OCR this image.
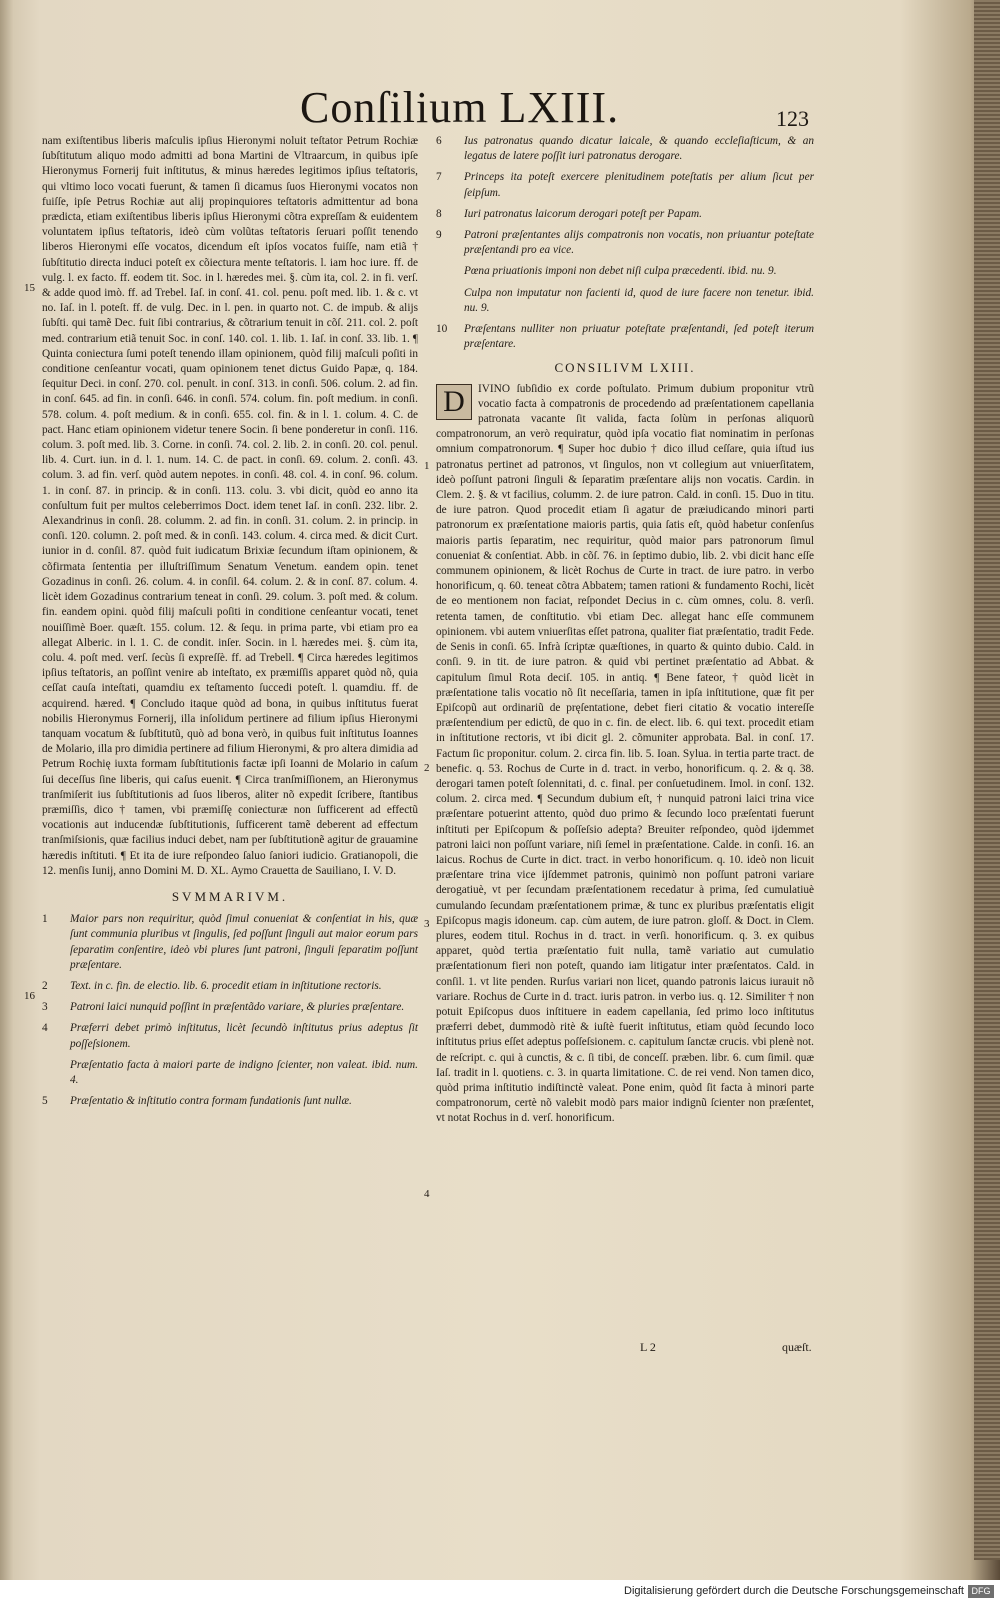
Conſilium LXIII.	123
15
16

nam exiſtentibus liberis maſculis ipſius Hieronymi noluit teſtator Petrum Rochiæ ſubſtitutum aliquo modo admitti ad bona Martini de Vltraarcum, in quibus ipſe Hieronymus Fornerij fuit inſtitutus, & minus hæredes legitimos ipſius teſtatoris, qui vltimo loco vocati fuerunt, & tamen ſi dicamus ſuos Hieronymi vocatos non fuiſſe, ipſe Petrus Rochiæ aut alij propinquiores teſtatoris admittentur ad bona prædicta, etiam exiſtentibus liberis ipſius Hieronymi cõtra expreſſam & euidentem voluntatem ipſius teſtatoris, ideò cùm volũtas teſtatoris ſeruari poſſit tenendo liberos Hieronymi eſſe vocatos, dicendum eſt ipſos vocatos fuiſſe, nam etiã † ſubſtitutio directa induci poteſt ex cõiectura mente teſtatoris. l. iam hoc iure. ff. de vulg. l. ex facto. ff. eodem tit. Soc. in l. hæredes mei. §. cùm ita, col. 2. in fi. verſ. & adde quod imò. ff. ad Trebel. Iaſ. in conſ. 41. col. penu. poſt med. lib. 1. & c. vt no. Iaſ. in l. poteſt. ff. de vulg. Dec. in l. pen. in quarto not. C. de impub. & alijs ſubſti. qui tamẽ Dec. fuit ſibi contrarius, & cõtrarium tenuit in cõſ. 211. col. 2. poſt med. contrarium etiã tenuit Soc. in conſ. 140. col. 1. lib. 1. Iaſ. in conſ. 33. lib. 1. ¶ Quinta coniectura ſumi poteſt tenendo illam opinionem, quòd filij maſculi poſiti in conditione cenſeantur vocati, quam opinionem tenet dictus Guido Papæ, q. 184. ſequitur Deci. in conſ. 270. col. penult. in conſ. 313. in conſi. 506. colum. 2. ad fin. in conſ. 645. ad fin. in conſi. 646. in conſi. 574. colum. fin. poſt medium. in conſi. 578. colum. 4. poſt medium. & in conſi. 655. col. fin. & in l. 1. colum. 4. C. de pact. Hanc etiam opinionem videtur tenere Socin. ſi bene ponderetur in conſi. 116. colum. 3. poſt med. lib. 3. Corne. in conſi. 74. col. 2. lib. 2. in conſi. 20. col. penul. lib. 4. Curt. iun. in d. l. 1. num. 14. C. de pact. in conſi. 69. colum. 2. conſi. 43. colum. 3. ad fin. verſ. quòd autem nepotes. in conſi. 48. col. 4. in conſ. 96. colum. 1. in conſ. 87. in princip. & in conſi. 113. colu. 3. vbi dicit, quòd eo anno ita conſultum fuit per multos celeberrimos Doct. idem tenet Iaſ. in conſi. 232. libr. 2. Alexandrinus in conſi. 28. columm. 2. ad fin. in conſi. 31. colum. 2. in princip. in conſi. 120. column. 2. poſt med. & in conſi. 143. colum. 4. circa med. & dicit Curt. iunior in d. conſil. 87. quòd fuit iudicatum Brixiæ ſecundum iſtam opinionem, & cõfirmata ſententia per illuſtriſſimum Senatum Venetum. eandem opin. tenet Gozadinus in conſi. 26. colum. 4. in conſil. 64. colum. 2. & in conſ. 87. colum. 4. licèt idem Gozadinus contrarium teneat in conſi. 29. colum. 3. poſt med. & colum. fin. eandem opini. quòd filij maſculi poſiti in conditione cenſeantur vocati, tenet nouiſſimè Boer. quæſt. 155. colum. 12. & ſequ. in prima parte, vbi etiam pro ea allegat Alberic. in l. 1. C. de condit. inſer. Socin. in l. hæredes mei. §. cùm ita, colu. 4. poſt med. verſ. ſecùs ſi expreſſè. ff. ad Trebell. ¶ Circa hæredes legitimos ipſius teſtatoris, an poſſint venire ab inteſtato, ex præmiſſis apparet quòd nõ, quia ceſſat cauſa inteſtati, quamdiu ex teſtamento ſuccedi poteſt. l. quamdiu. ff. de acquirend. hæred. ¶ Concludo itaque quòd ad bona, in quibus inſtitutus fuerat nobilis Hieronymus Fornerij, illa inſolidum pertinere ad filium ipſius Hieronymi tanquam vocatum & ſubſtitutũ, quò ad bona verò, in quibus fuit inſtitutus Ioannes de Molario, illa pro dimidia pertinere ad filium Hieronymi, & pro altera dimidia ad Petrum Rochię iuxta formam ſubſtitutionis factæ ipſi Ioanni de Molario in caſum ſui deceſſus ſine liberis, qui caſus euenit. ¶ Circa tranſmiſſionem, an Hieronymus tranſmiſerit ius ſubſtitutionis ad ſuos liberos, aliter nõ expedit ſcribere, ſtantibus præmiſſis, dico † tamen, vbi præmiſſę coniecturæ non ſufficerent ad effectũ vocationis aut inducendæ ſubſtitutionis, ſufficerent tamẽ deberent ad effectum tranſmiſsionis, quæ facilius induci debet, nam per ſubſtitutionẽ agitur de grauamine hæredis inſtituti. ¶ Et ita de iure reſpondeo ſaluo ſaniori iudicio. Gratianopoli, die 12. menſis Iunij, anno Domini M. D. XL. Aymo Crauetta de Sauiliano, I. V. D.

SVMMARIVM.
1	Maior pars non requiritur, quòd ſimul conueniat & conſentiat in his, quæ ſunt communia pluribus vt ſingulis, ſed poſſunt ſinguli aut maior eorum pars ſeparatim conſentire, ideò vbi plures ſunt patroni, ſinguli ſeparatim poſſunt præſentare.
2	Text. in c. fin. de electio. lib. 6. procedit etiam in inſtitutione rectoris.
3	Patroni laici nunquid poſſint in præſentãdo variare, & pluries præſentare.
4	Præferri debet primò inſtitutus, licèt ſecundò inſtitutus prius adeptus ſit poſſeſsionem.
Præſentatio facta à maiori parte de indigno ſcienter, non valeat. ibid. num. 4.
5	Præſentatio & inſtitutio contra formam fundationis ſunt nullæ.
6	Ius patronatus quando dicatur laicale, & quando eccleſiaſticum, & an legatus de latere poſſit iuri patronatus derogare.
7	Princeps ita poteſt exercere plenitudinem poteſtatis per alium ſicut per ſeipſum.
8	Iuri patronatus laicorum derogari poteſt per Papam.
9	Patroni præſentantes alijs compatronis non vocatis, non priuantur poteſtate præſentandi pro ea vice.
Pœna priuationis imponi non debet niſi culpa præcedenti. ibid. nu. 9.
Culpa non imputatur non facienti id, quod de iure facere non tenetur. ibid. nu. 9.
10	Præſentans nulliter non priuatur poteſtate præſentandi, ſed poteſt iterum præſentare.
CONSILIVM LXIII.

D	IVINO ſubſidio ex corde poſtulato. Primum dubium proponitur vtrũ vocatio facta à compatronis de procedendo ad præſentationem capellania patronata vacante ſit valida, facta ſolùm in perſonas aliquorũ compatronorum, an verò requiratur, quòd ipſa vocatio fiat nominatim in perſonas omnium compatronorum. ¶ Super hoc dubio † dico illud ceſſare, quia iſtud ius patronatus pertinet ad patronos, vt ſingulos, non vt collegium aut vniuerſitatem, ideò poſſunt patroni ſinguli & ſeparatim præſentare alijs non vocatis. Cardin. in Clem. 2. §. & vt facilius, columm. 2. de iure patron. Cald. in conſi. 15. Duo in titu. de iure patron. Quod procedit etiam ſi agatur de præiudicando minori parti patronorum ex præſentatione maioris partis, quia ſatis eſt, quòd habetur conſenſus maioris partis ſeparatim, nec requiritur, quòd maior pars patronorum ſimul conueniat & conſentiat. Abb. in cõſ. 76. in ſeptimo dubio, lib. 2. vbi dicit hanc eſſe communem opinionem, & licèt Rochus de Curte in tract. de iure patro. in verbo honorificum, q. 60. teneat cõtra Abbatem; tamen rationi & fundamento Rochi, licèt de eo mentionem non faciat, reſpondet Decius in c. cùm omnes, colu. 8. verſi. retenta tamen, de conſtitutio. vbi etiam Dec. allegat hanc eſſe communem opinionem. vbi autem vniuerſitas eſſet patrona, qualiter fiat præſentatio, tradit Fede. de Senis in conſi. 65. Infrà ſcriptæ quæſtiones, in quarto & quinto dubio. Cald. in conſi. 9. in tit. de iure patron. & quid vbi pertinet præſentatio ad Abbat. & capitulum ſimul Rota deciſ. 105. in antiq. ¶ Bene fateor, † quòd licèt in præſentatione talis vocatio nõ ſit neceſſaria, tamen in ipſa inſtitutione, quæ fit per Epiſcopũ aut ordinariũ de pręſentatione, debet fieri citatio & vocatio intereſſe præſentendium per edictũ, de quo in c. fin. de elect. lib. 6. qui text. procedit etiam in inſtitutione rectoris, vt ibi dicit gl. 2. cõmuniter approbata. Bal. in conſ. 17. Factum ſic proponitur. colum. 2. circa fin. lib. 5. Ioan. Sylua. in tertia parte tract. de benefic. q. 53. Rochus de Curte in d. tract. in verbo, honorificum. q. 2. & q. 38. derogari tamen poteſt ſolennitati, d. c. final. per conſuetudinem. Imol. in conſ. 132. colum. 2. circa med. ¶ Secundum dubium eſt, † nunquid patroni laici trina vice præſentare potuerint attento, quòd duo primo & ſecundo loco præſentati fuerunt inſtituti per Epiſcopum & poſſeſsio adepta? Breuiter reſpondeo, quòd ijdemmet patroni laici non poſſunt variare, niſi ſemel in præſentatione. Calde. in conſi. 16. an laicus. Rochus de Curte in dict. tract. in verbo honorificum. q. 10. ideò non licuit præſentare trina vice ijſdemmet patronis, quinimò non poſſunt patroni variare derogatiuè, vt per ſecundam præſentationem recedatur à prima, ſed cumulatiuè cumulando ſecundam præſentationem primæ, & tunc ex pluribus præſentatis eligit Epiſcopus magis idoneum. cap. cùm autem, de iure patron. gloſſ. & Doct. in Clem. plures, eodem titul. Rochus in d. tract. in verſi. honorificum. q. 3. ex quibus apparet, quòd tertia præſentatio fuit nulla, tamẽ variatio aut cumulatio præſentationum fieri non poteſt, quando iam litigatur inter præſentatos. Cald. in conſil. 1. vt lite penden. Rurſus variari non licet, quando patronis laicus iurauit nõ variare. Rochus de Curte in d. tract. iuris patron. in verbo ius. q. 12. Similiter † non potuit Epiſcopus duos inſtituere in eadem capellania, ſed primo loco inſtitutus præferri debet, dummodò ritè & iuſtè fuerit inſtitutus, etiam quòd ſecundo loco inſtitutus prius eſſet adeptus poſſeſsionem. c. capitulum ſanctæ crucis. vbi plenè not. de reſcript. c. qui à cunctis, & c. ſi tibi, de conceſſ. præben. libr. 6. cum ſimil. quæ Iaſ. tradit in l. quotiens. c. 3. in quarta limitatione. C. de rei vend. Non tamen dico, quòd prima inſtitutio indiſtinctè valeat. Pone enim, quòd ſit facta à minori parte compatronorum, certè nõ valebit modò pars maior indignũ ſcienter non præſentet, vt notat Rochus in d. verſ. honorificum.

1
2
3
4
L 2	quæſt.
Digitalisierung gefördert durch die Deutsche Forschungsgemeinschaft DFG
